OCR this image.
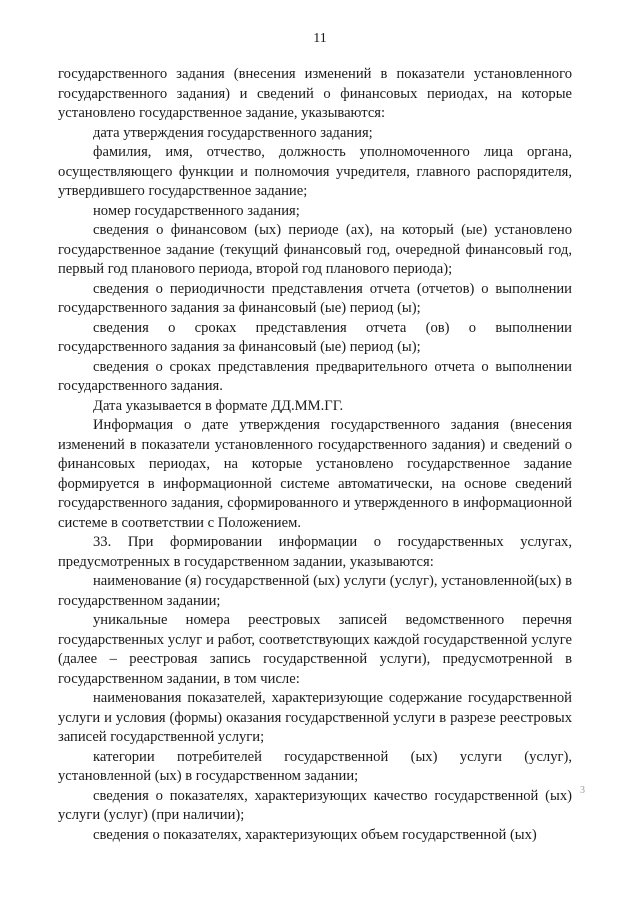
11

государственного задания (внесения изменений в показатели установленного государственного задания) и сведений о финансовых периодах, на которые установлено государственное задание, указываются:

дата утверждения государственного задания;

фамилия, имя, отчество, должность уполномоченного лица органа, осуществляющего функции и полномочия учредителя, главного распорядителя, утвердившего государственное задание;

номер государственного задания;

сведения о финансовом (ых) периоде (ах), на который (ые) установлено государственное задание (текущий финансовый год, очередной финансовый год, первый год планового периода, второй год планового периода);

сведения о периодичности представления отчета (отчетов) о выполнении государственного задания за финансовый (ые) период (ы);

сведения о сроках представления отчета (ов) о выполнении государственного задания за финансовый (ые) период (ы);

сведения о сроках представления предварительного отчета о выполнении государственного задания.

Дата указывается в формате ДД.ММ.ГГ.

Информация о дате утверждения государственного задания (внесения изменений в показатели установленного государственного задания) и сведений о финансовых периодах, на которые установлено государственное задание формируется в информационной системе автоматически, на основе сведений государственного задания, сформированного и утвержденного в информационной системе в соответствии с Положением.

33. При формировании информации о государственных услугах, предусмотренных в государственном задании, указываются:

наименование (я) государственной (ых) услуги (услуг), установленной(ых) в государственном задании;

уникальные номера реестровых записей ведомственного перечня государственных услуг и работ, соответствующих каждой государственной услуге (далее – реестровая запись государственной услуги), предусмотренной в государственном задании, в том числе:

наименования показателей, характеризующие содержание государственной услуги и условия (формы) оказания государственной услуги в разрезе реестровых записей государственной услуги;

категории потребителей государственной (ых) услуги (услуг), установленной (ых) в государственном задании;

сведения о показателях, характеризующих качество государственной (ых) услуги (услуг) (при наличии);

сведения о показателях, характеризующих объем государственной (ых)

3
